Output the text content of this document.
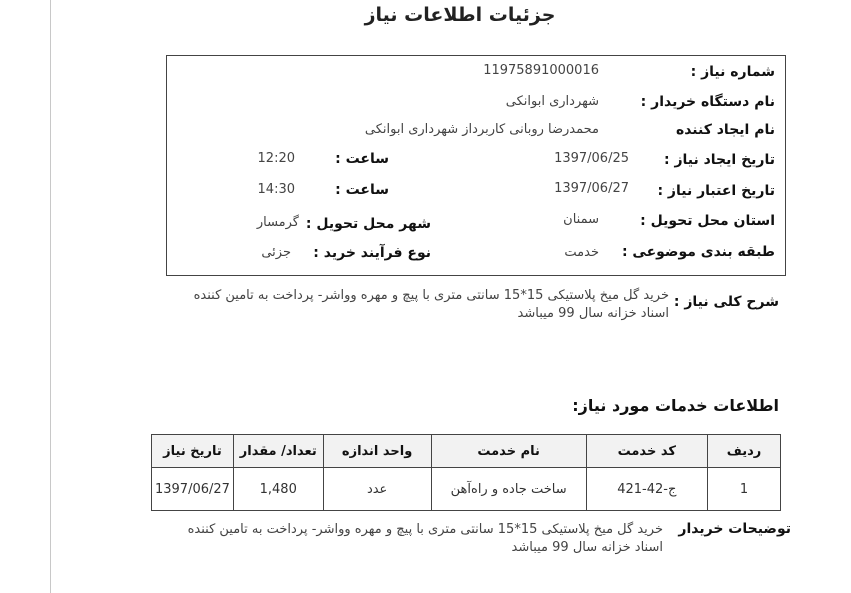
جزئیات اطلاعات نیاز
شماره نیاز :
11975891000016
نام دستگاه خریدار :
شهرداری ابوانکی
نام ایجاد کننده
محمدرضا روبانی کاربرداز شهرداری ابوانکی
تاریخ ایجاد نیاز :
1397/06/25
ساعت :
12:20
تاریخ اعتبار نیاز :
1397/06/27
ساعت :
14:30
استان محل تحویل :
سمنان
شهر محل تحویل :
گرمسار
طبقه بندی موضوعی :
خدمت
نوع فرآیند خرید :
جزئی
شرح کلی نیاز :
خرید گل میخ پلاستیکی 15*15 سانتی متری با پیچ و مهره وواشر- پرداخت به تامین کننده اسناد خزانه سال 99 میباشد
اطلاعات خدمات مورد نیاز:
ردیف	کد خدمت	نام خدمت	واحد اندازه	تعداد/ مقدار	تاریخ نیاز
1	ج-42-421	ساخت جاده و راه‌آهن	عدد	1,480	1397/06/27
توضیحات خریدار
خرید گل میخ پلاستیکی 15*15 سانتی متری با پیچ و مهره وواشر- پرداخت به تامین کننده اسناد خزانه سال 99 میباشد
